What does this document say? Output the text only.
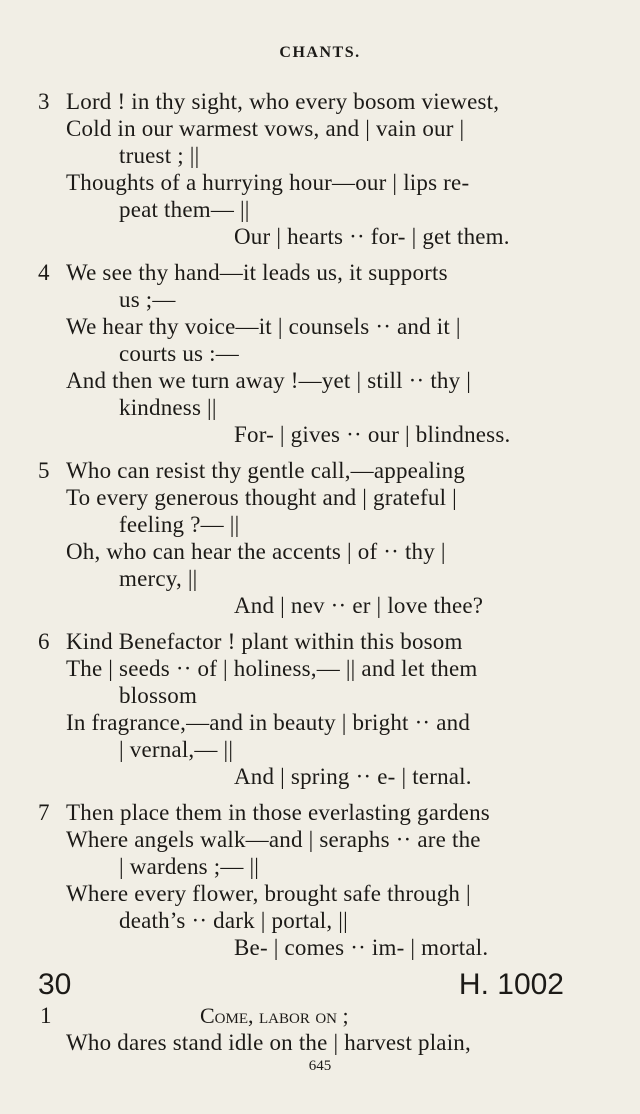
CHANTS.
3 Lord ! in thy sight, who every bosom viewest,
Cold in our warmest vows, and | vain our |
truest ; ||
Thoughts of a hurrying hour—our | lips re-
peat them— ||
Our | hearts ·· for- | get them.
4 We see thy hand—it leads us, it supports
us ;—
We hear thy voice—it | counsels ·· and it |
courts us :—
And then we turn away !—yet | still ·· thy |
kindness ||
For- | gives ·· our | blindness.
5 Who can resist thy gentle call,—appealing
To every generous thought and | grateful |
feeling ?— ||
Oh, who can hear the accents | of ·· thy |
mercy, ||
And | nev ·· er | love thee?
6 Kind Benefactor ! plant within this bosom
The | seeds ·· of | holiness,— || and let them
blossom
In fragrance,—and in beauty | bright ·· and
| vernal,— ||
And | spring ·· e- | ternal.
7 Then place them in those everlasting gardens
Where angels walk—and | seraphs ·· are the
| wardens ;— ||
Where every flower, brought safe through |
death’s ·· dark | portal, ||
Be- | comes ·· im- | mortal.
30	H. 1002
1	Come, labor on ;
Who dares stand idle on the | harvest plain,
645
